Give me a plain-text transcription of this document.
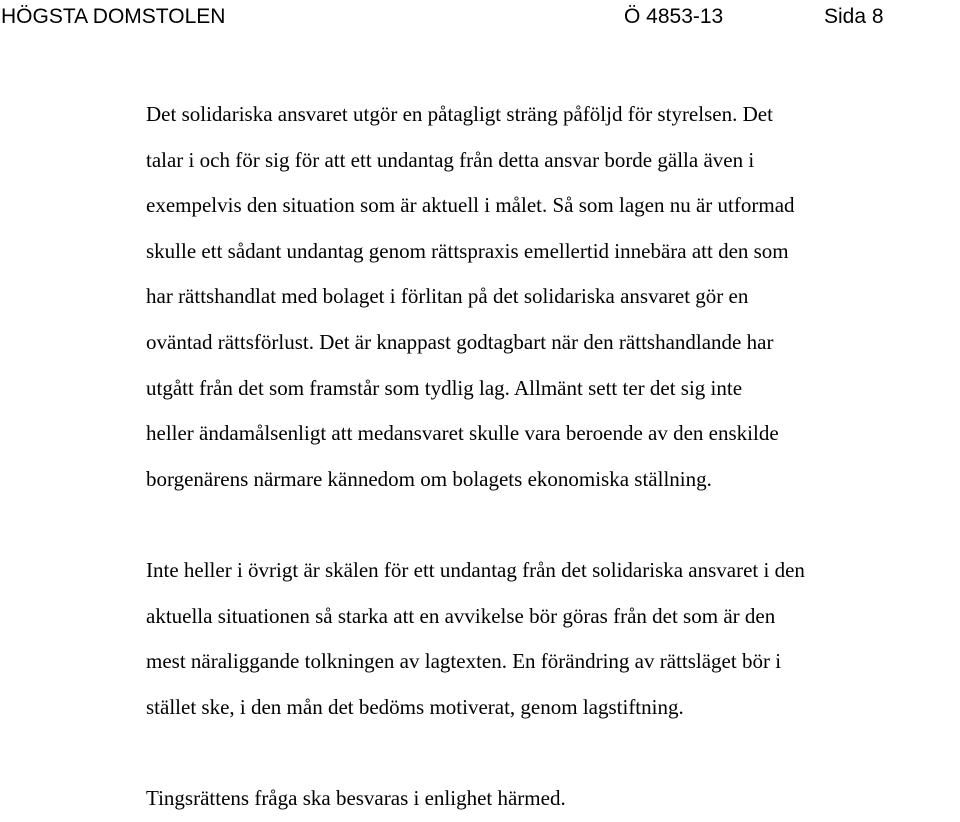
HÖGSTA DOMSTOLEN	Ö 4853-13	Sida 8
Det solidariska ansvaret utgör en påtagligt sträng påföljd för styrelsen. Det
talar i och för sig för att ett undantag från detta ansvar borde gälla även i
exempelvis den situation som är aktuell i målet. Så som lagen nu är utformad
skulle ett sådant undantag genom rättspraxis emellertid innebära att den som
har rättshandlat med bolaget i förlitan på det solidariska ansvaret gör en
oväntad rättsförlust. Det är knappast godtagbart när den rättshandlande har
utgått från det som framstår som tydlig lag. Allmänt sett ter det sig inte
heller ändamålsenligt att medansvaret skulle vara beroende av den enskilde
borgenärens närmare kännedom om bolagets ekonomiska ställning.
Inte heller i övrigt är skälen för ett undantag från det solidariska ansvaret i den
aktuella situationen så starka att en avvikelse bör göras från det som är den
mest näraliggande tolkningen av lagtexten. En förändring av rättsläget bör i
stället ske, i den mån det bedöms motiverat, genom lagstiftning.
Tingsrättens fråga ska besvaras i enlighet härmed.
